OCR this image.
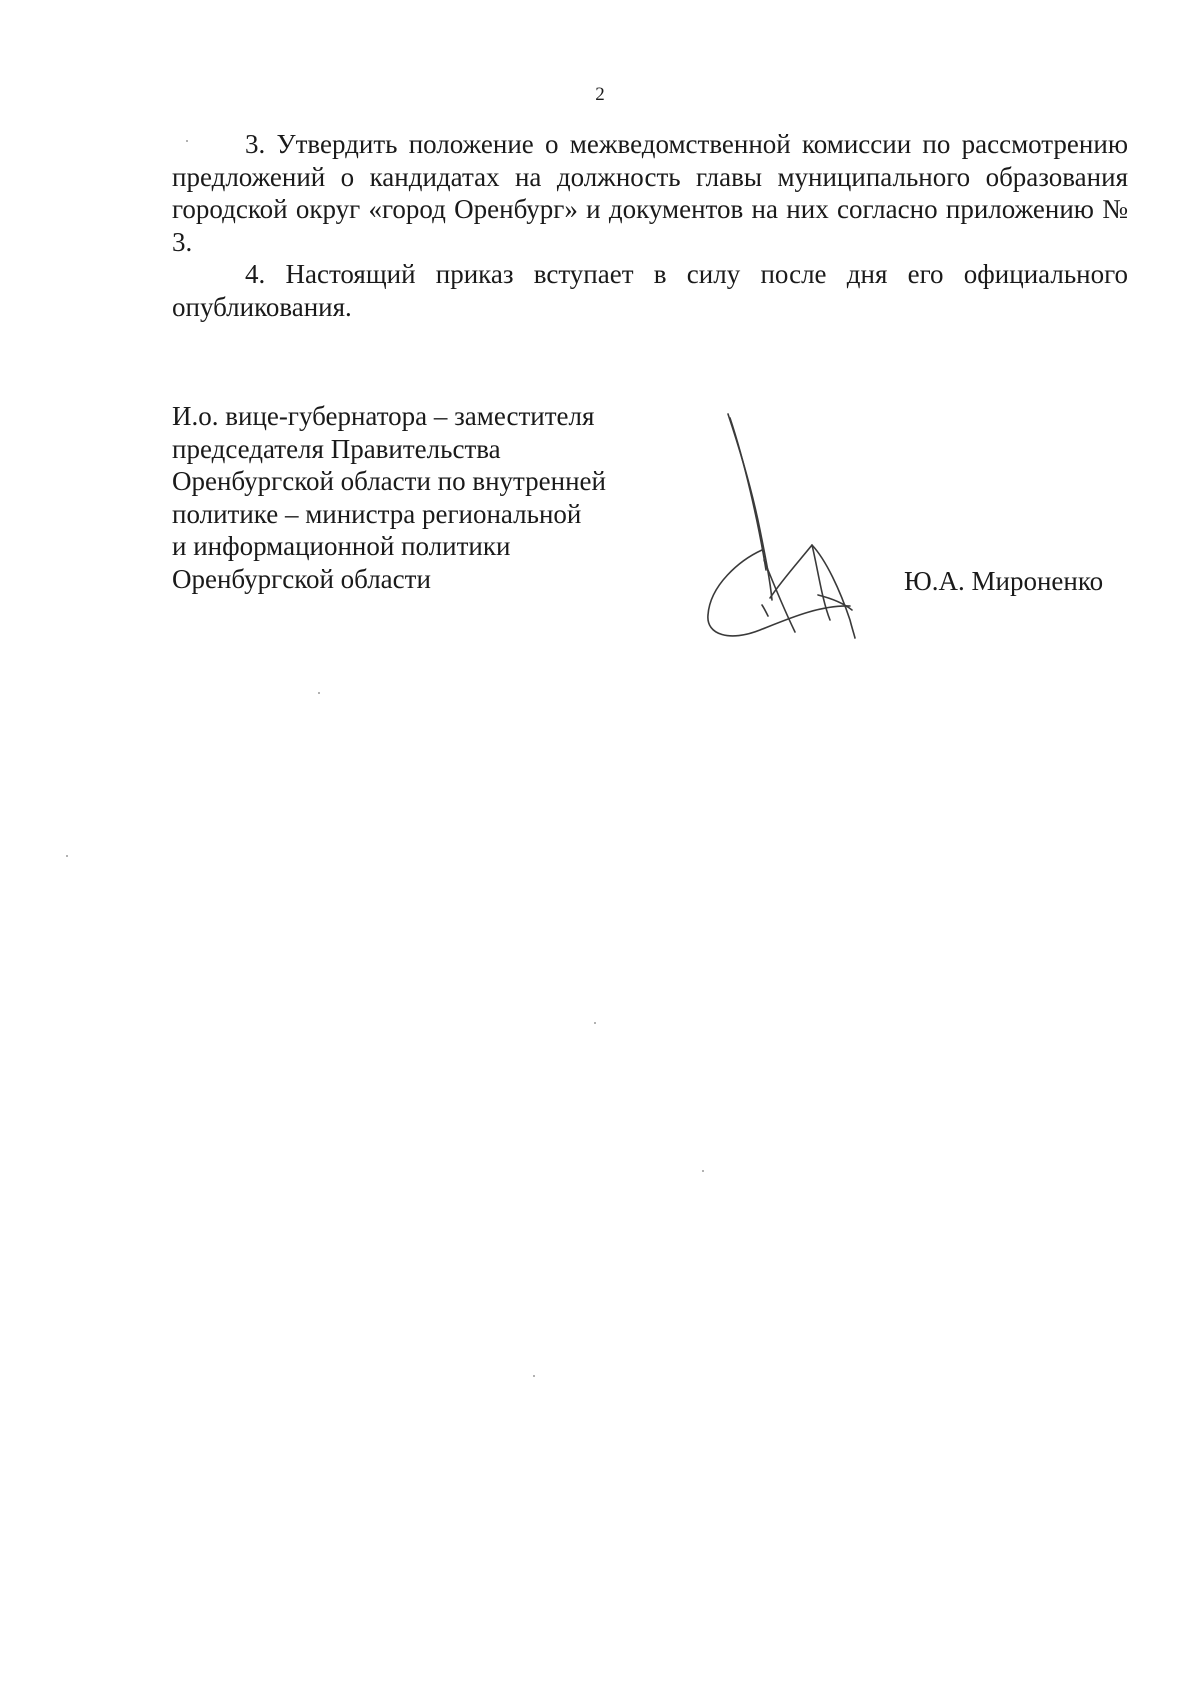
2

3. Утвердить положение о межведомственной комиссии по рассмотрению предложений о кандидатах на должность главы муниципального образования городской округ «город Оренбург» и документов на них согласно приложению № 3.

4. Настоящий приказ вступает в силу после дня его официального опубликования.

И.о. вице-губернатора – заместителя
председателя Правительства
Оренбургской области по внутренней
политике – министра региональной
и информационной политики
Оренбургской области	Ю.А. Мироненко
